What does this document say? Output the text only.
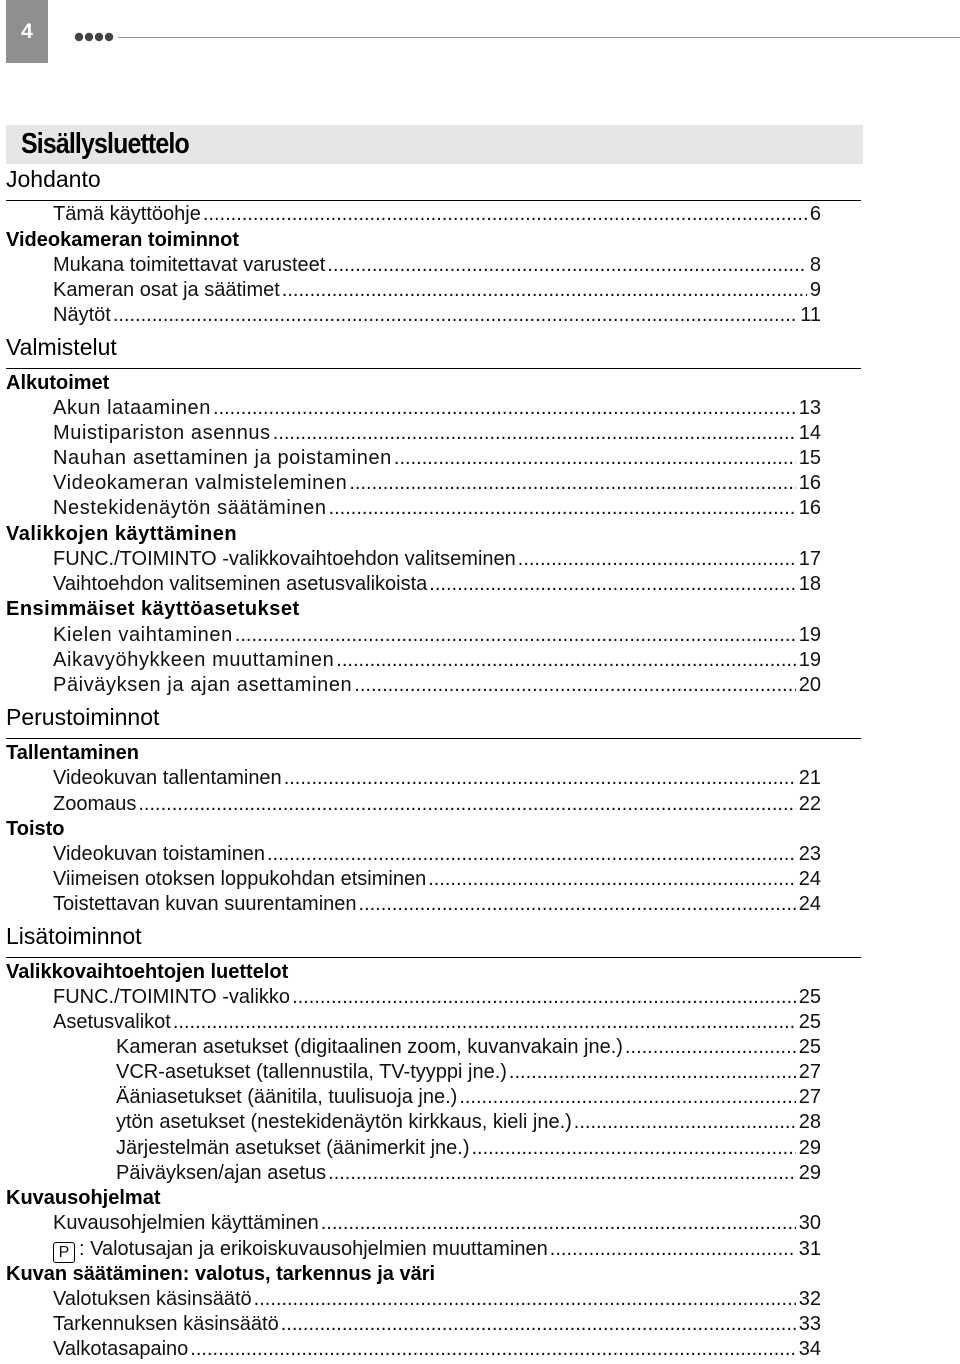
4
Sisällysluettelo
Johdanto
Tämä käyttöohje .....	6
Videokameran toiminnot
Mukana toimitettavat varusteet .....	8
Kameran osat ja säätimet .....	9
Näytöt .....	11
Valmistelut
Alkutoimet
Akun lataaminen .....	13
Muistipariston asennus .....	14
Nauhan asettaminen ja poistaminen .....	15
Videokameran valmisteleminen .....	16
Nestekidenäytön säätäminen .....	16
Valikkojen käyttäminen
FUNC./TOIMINTO -valikkovaihtoehdon valitseminen .....	17
Vaihtoehdon valitseminen asetusvalikoista .....	18
Ensimmäiset käyttöasetukset
Kielen vaihtaminen .....	19
Aikavyöhykkeen muuttaminen .....	19
Päiväyksen ja ajan asettaminen .....	20
Perustoiminnot
Tallentaminen
Videokuvan tallentaminen .....	21
Zoomaus .....	22
Toisto
Videokuvan toistaminen .....	23
Viimeisen otoksen loppukohdan etsiminen .....	24
Toistettavan kuvan suurentaminen .....	24
Lisätoiminnot
Valikkovaihtoehtojen luettelot
FUNC./TOIMINTO -valikko .....	25
Asetusvalikot .....	25
Kameran asetukset (digitaalinen zoom, kuvanvakain jne.) .....	25
VCR-asetukset (tallennustila, TV-tyyppi jne.) .....	27
Ääniasetukset (äänitila, tuulisuoja jne.) .....	27
ytön asetukset (nestekidenäytön kirkkaus, kieli jne.) .....	28
Järjestelmän asetukset (äänimerkit jne.) .....	29
Päiväyksen/ajan asetus .....	29
Kuvausohjelmat
Kuvausohjelmien käyttäminen .....	30
P : Valotusajan ja erikoiskuvausohjelmien muuttaminen .....	31
Kuvan säätäminen: valotus, tarkennus ja väri
Valotuksen käsinsäätö .....	32
Tarkennuksen käsinsäätö .....	33
Valkotasapaino .....	34
